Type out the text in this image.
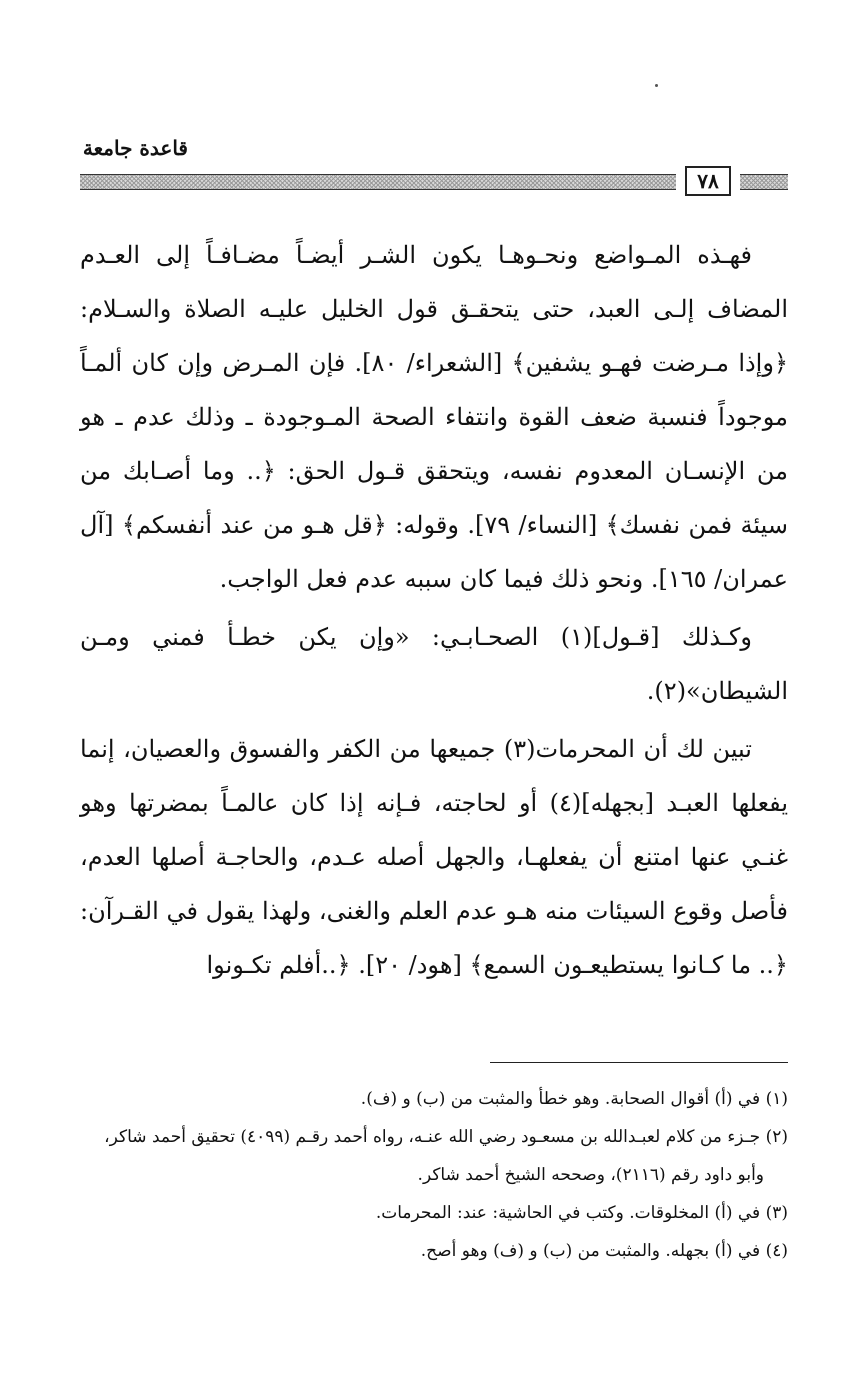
قاعدة جامعة
٧٨

فهـذه المـواضع ونحـوهـا يكون الشـر أيضـاً مضـافـاً إلى العـدم المضاف إلـى العبد، حتى يتحقـق قول الخليل عليـه الصلاة والسـلام: ﴿وإذا مـرضت فهـو يشفين﴾ [الشعراء/ ٨٠]. فإن المـرض وإن كان ألمـاً موجوداً فنسبة ضعف القوة وانتفاء الصحة المـوجودة ـ وذلك عدم ـ هو من الإنسـان المعدوم نفسه، ويتحقق قـول الحق: ﴿.. وما أصـابك من سيئة فمن نفسك﴾ [النساء/ ٧٩]. وقوله: ﴿قل هـو من عند أنفسكم﴾ [آل عمران/ ١٦٥]. ونحو ذلك فيما كان سببه عدم فعل الواجب.

وكـذلك [قـول](١) الصحـابـي: «وإن يكن خطـأ فمني ومـن الشيطان»(٢).

تبين لك أن المحرمات(٣) جميعها من الكفر والفسوق والعصيان، إنما يفعلها العبـد [بجهله](٤) أو لحاجته، فـإنه إذا كان عالمـاً بمضرتها وهو غنـي عنها امتنع أن يفعلهـا، والجهل أصله عـدم، والحاجـة أصلها العدم، فأصل وقوع السيئات منه هـو عدم العلم والغنى، ولهذا يقول في القـرآن: ﴿.. ما كـانوا يستطيعـون السمع﴾ [هود/ ٢٠]. ﴿..أفلم تكـونوا

(١) في (أ) أقوال الصحابة. وهو خطأ والمثبت من (ب) و (ف).

(٢) جـزء من كلام لعبـدالله بن مسعـود رضي الله عنـه، رواه أحمد رقـم (٤٠٩٩) تحقيق أحمد شاكر، وأبو داود رقم (٢١١٦)، وصححه الشيخ أحمد شاكر.

(٣) في (أ) المخلوقات. وكتب في الحاشية: عند: المحرمات.

(٤) في (أ) بجهله. والمثبت من (ب) و (ف) وهو أصح.
